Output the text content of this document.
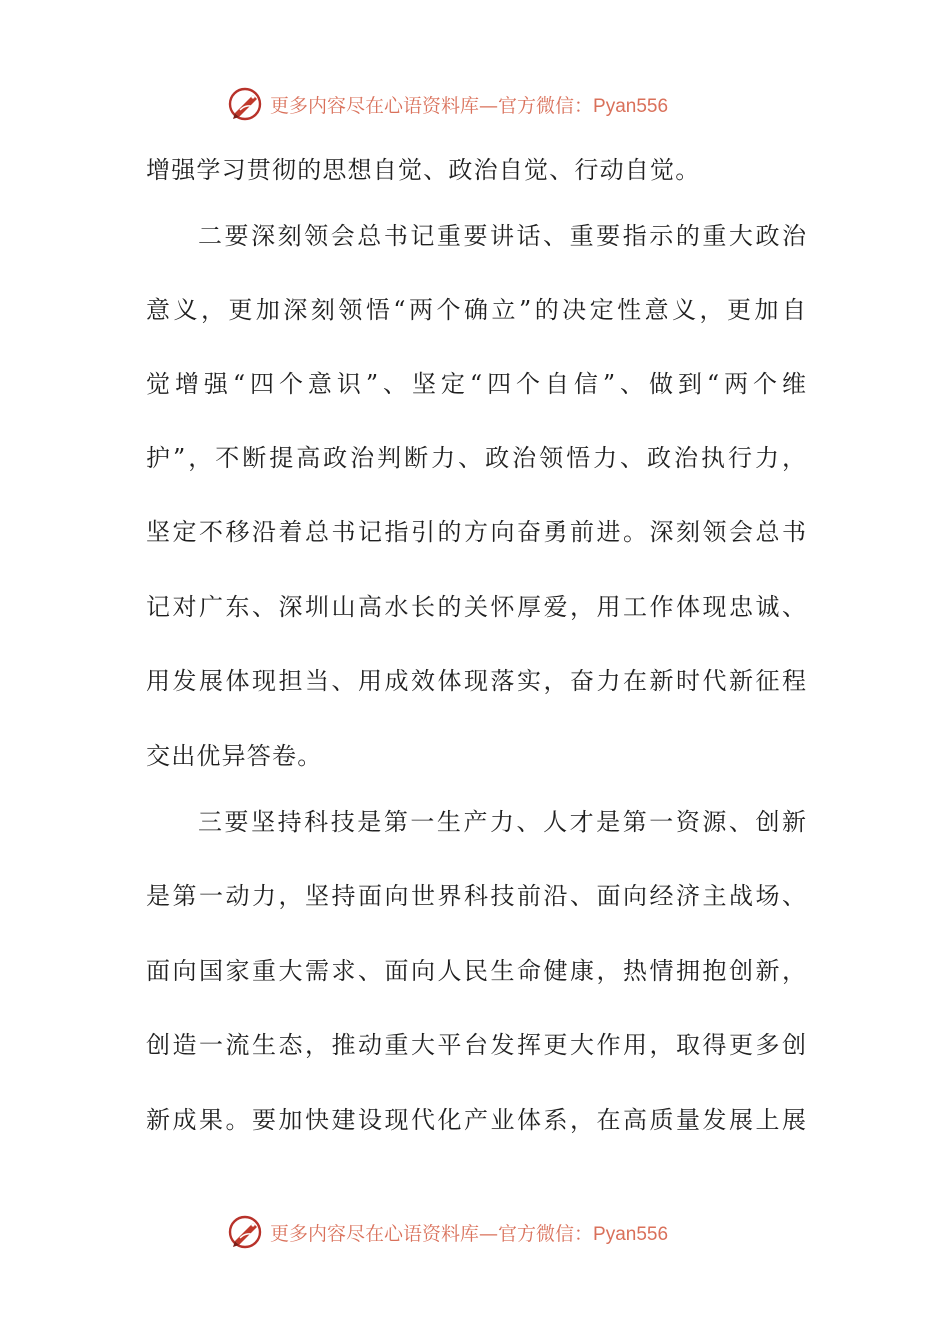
更多内容尽在心语资料库—官方微信：Pyan556
增强学习贯彻的思想自觉、政治自觉、行动自觉。
二要深刻领会总书记重要讲话、重要指示的重大政治
意义，更加深刻领悟“两个确立”的决定性意义，更加自
觉增强“四个意识”、坚定“四个自信”、做到“两个维
护”，不断提高政治判断力、政治领悟力、政治执行力，
坚定不移沿着总书记指引的方向奋勇前进。深刻领会总书
记对广东、深圳山高水长的关怀厚爱，用工作体现忠诚、
用发展体现担当、用成效体现落实，奋力在新时代新征程
交出优异答卷。
三要坚持科技是第一生产力、人才是第一资源、创新
是第一动力，坚持面向世界科技前沿、面向经济主战场、
面向国家重大需求、面向人民生命健康，热情拥抱创新，
创造一流生态，推动重大平台发挥更大作用，取得更多创
新成果。要加快建设现代化产业体系，在高质量发展上展
更多内容尽在心语资料库—官方微信：Pyan556
